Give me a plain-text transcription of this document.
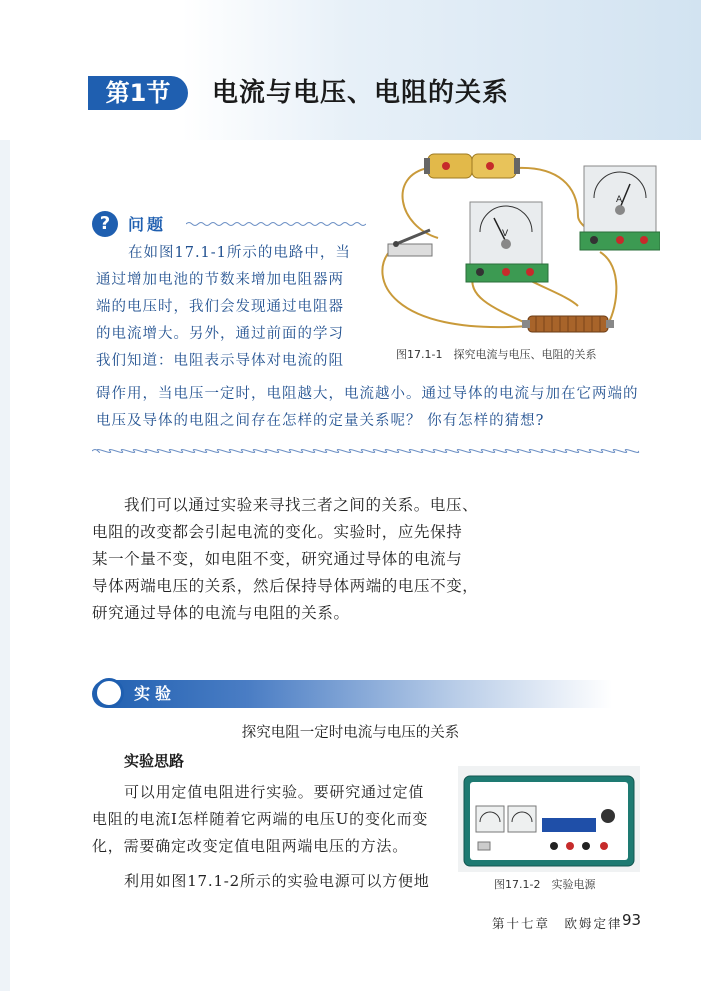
第1节	电流与电压、电阻的关系
?	问题
在如图17.1-1所示的电路中，当
通过增加电池的节数来增加电阻器两
端的电压时，我们会发现通过电阻器
的电流增大。另外，通过前面的学习
我们知道：电阻表示导体对电流的阻
碍作用，当电压一定时，电阻越大，电流越小。通过导体的电流与加在它两端的
电压及导体的电阻之间存在怎样的定量关系呢？ 你有怎样的猜想?
V
-	3	15
A
-	0.6	3
图17.1-1　探究电流与电压、电阻的关系
我们可以通过实验来寻找三者之间的关系。电压、
电阻的改变都会引起电流的变化。实验时，应先保持
某一个量不变，如电阻不变，研究通过导体的电流与
导体两端电压的关系，然后保持导体两端的电压不变，
研究通过导体的电流与电阻的关系。
实验
探究电阻一定时电流与电压的关系
实验思路
可以用定值电阻进行实验。要研究通过定值
电阻的电流I怎样随着它两端的电压U的变化而变
化，需要确定改变定值电阻两端电压的方法。
利用如图17.1-2所示的实验电源可以方便地	图17.1-2　实验电源
第十七章　欧姆定律 93
